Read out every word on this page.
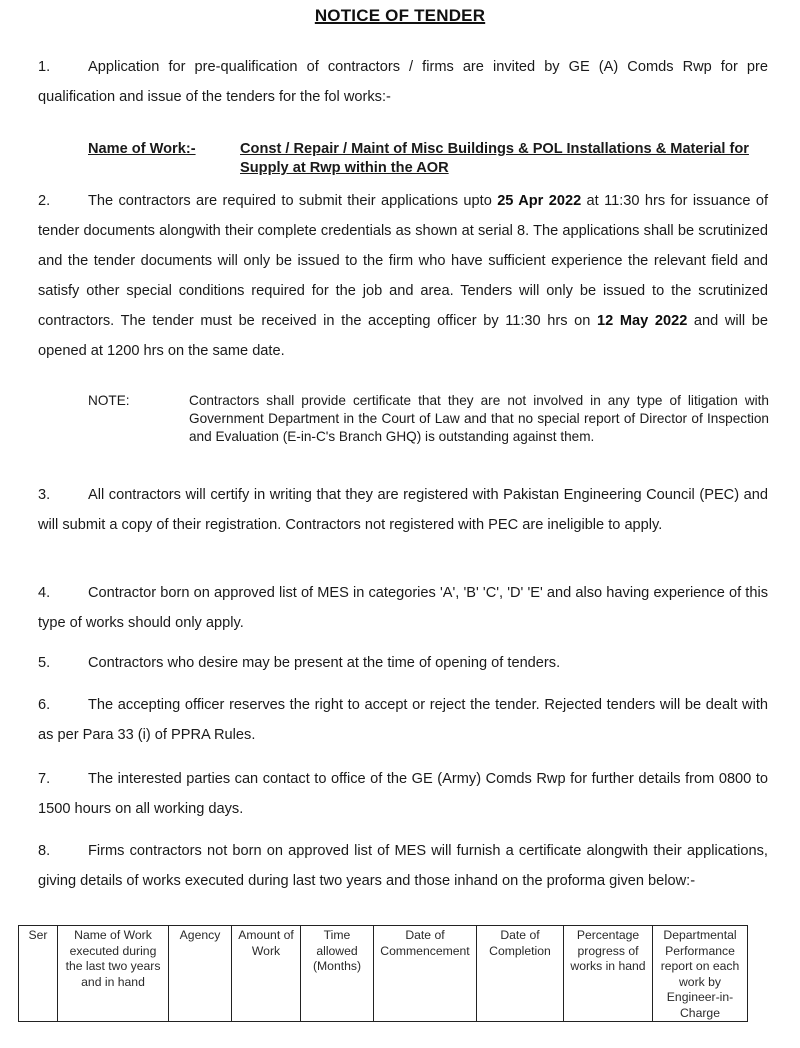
NOTICE OF TENDER
1.	Application for pre-qualification of contractors / firms are invited by GE (A) Comds Rwp for pre qualification and issue of the tenders for the fol works:-
Name of Work:-	Const / Repair / Maint of Misc Buildings & POL Installations & Material for Supply at Rwp within the AOR
2.	The contractors are required to submit their applications upto 25 Apr 2022 at 11:30 hrs for issuance of tender documents alongwith their complete credentials as shown at serial 8. The applications shall be scrutinized and the tender documents will only be issued to the firm who have sufficient experience the relevant field and satisfy other special conditions required for the job and area. Tenders will only be issued to the scrutinized contractors. The tender must be received in the accepting officer by 11:30 hrs on 12 May 2022 and will be opened at 1200 hrs on the same date.
NOTE:	Contractors shall provide certificate that they are not involved in any type of litigation with Government Department in the Court of Law and that no special report of Director of Inspection and Evaluation (E-in-C's Branch GHQ) is outstanding against them.
3.	All contractors will certify in writing that they are registered with Pakistan Engineering Council (PEC) and will submit a copy of their registration. Contractors not registered with PEC are ineligible to apply.
4.	Contractor born on approved list of MES in categories 'A', 'B' 'C', 'D' 'E' and also having experience of this type of works should only apply.
5.	Contractors who desire may be present at the time of opening of tenders.
6.	The accepting officer reserves the right to accept or reject the tender. Rejected tenders will be dealt with as per Para 33 (i) of PPRA Rules.
7.	The interested parties can contact to office of the GE (Army) Comds Rwp for further details from 0800 to 1500 hours on all working days.
8.	Firms contractors not born on approved list of MES will furnish a certificate alongwith their applications, giving details of works executed during last two years and those inhand on the proforma given below:-
Ser	Name of Work executed during the last two years and in hand	Agency	Amount of Work	Time allowed (Months)	Date of Commencement	Date of Completion	Percentage progress of works in hand	Departmental Performance report on each work by Engineer-in-Charge
